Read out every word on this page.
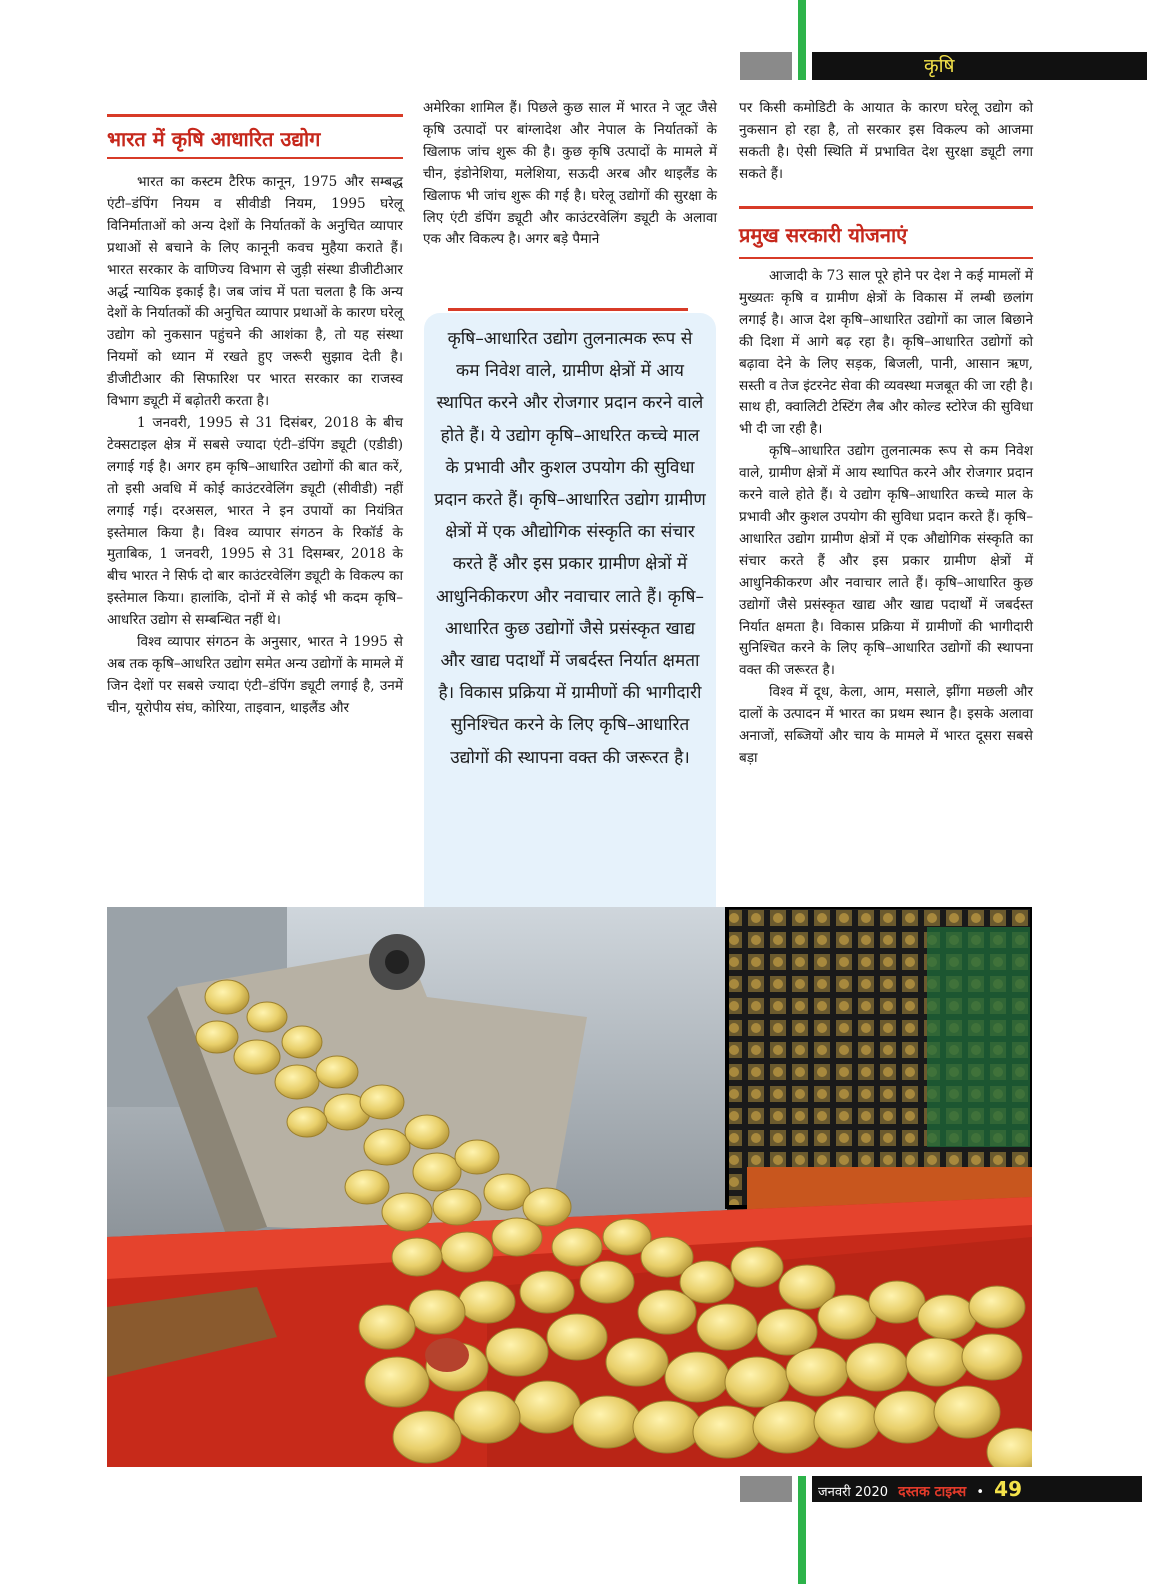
कृषि
भारत में कृषि आधारित उद्योग

भारत का कस्टम टैरिफ कानून, 1975 और सम्बद्ध एंटी–डंपिंग नियम व सीवीडी नियम, 1995 घरेलू विनिर्माताओं को अन्य देशों के निर्यातकों के अनुचित व्यापार प्रथाओं से बचाने के लिए कानूनी कवच मुहैया कराते हैं। भारत सरकार के वाणिज्य विभाग से जुड़ी संस्था डीजीटीआर अर्द्ध न्यायिक इकाई है। जब जांच में पता चलता है कि अन्य देशों के निर्यातकों की अनुचित व्यापार प्रथाओं के कारण घरेलू उद्योग को नुकसान पहुंचने की आशंका है, तो यह संस्था नियमों को ध्यान में रखते हुए जरूरी सुझाव देती है। डीजीटीआर की सिफारिश पर भारत सरकार का राजस्व विभाग ड्यूटी में बढ़ोतरी करता है।

1 जनवरी, 1995 से 31 दिसंबर, 2018 के बीच टेक्सटाइल क्षेत्र में सबसे ज्यादा एंटी–डंपिंग ड्यूटी (एडीडी) लगाई गई है। अगर हम कृषि–आधारित उद्योगों की बात करें, तो इसी अवधि में कोई काउंटरवेलिंग ड्यूटी (सीवीडी) नहीं लगाई गई। दरअसल, भारत ने इन उपायों का नियंत्रित इस्तेमाल किया है। विश्व व्यापार संगठन के रिकॉर्ड के मुताबिक, 1 जनवरी, 1995 से 31 दिसम्बर, 2018 के बीच भारत ने सिर्फ दो बार काउंटरवेलिंग ड्यूटी के विकल्प का इस्तेमाल किया। हालांकि, दोनों में से कोई भी कदम कृषि–आधरित उद्योग से सम्बन्धित नहीं थे।

विश्व व्यापार संगठन के अनुसार, भारत ने 1995 से अब तक कृषि–आधरित उद्योग समेत अन्य उद्योगों के मामले में जिन देशों पर सबसे ज्यादा एंटी–डंपिंग ड्यूटी लगाई है, उनमें चीन, यूरोपीय संघ, कोरिया, ताइवान, थाइलैंड और

अमेरिका शामिल हैं। पिछले कुछ साल में भारत ने जूट जैसे कृषि उत्पादों पर बांग्लादेश और नेपाल के निर्यातकों के खिलाफ जांच शुरू की है। कुछ कृषि उत्पादों के मामले में चीन, इंडोनेशिया, मलेशिया, सऊदी अरब और थाइलैंड के खिलाफ भी जांच शुरू की गई है। घरेलू उद्योगों की सुरक्षा के लिए एंटी डंपिंग ड्यूटी और काउंटरवेलिंग ड्यूटी के अलावा एक और विकल्प है। अगर बड़े पैमाने

कृषि–आधारित उद्योग तुलनात्मक रूप से कम निवेश वाले, ग्रामीण क्षेत्रों में आय स्थापित करने और रोजगार प्रदान करने वाले होते हैं। ये उद्योग कृषि–आधरित कच्चे माल के प्रभावी और कुशल उपयोग की सुविधा प्रदान करते हैं। कृषि–आधारित उद्योग ग्रामीण क्षेत्रों में एक औद्योगिक संस्कृति का संचार करते हैं और इस प्रकार ग्रामीण क्षेत्रों में आधुनिकीकरण और नवाचार लाते हैं। कृषि–आधारित कुछ उद्योगों जैसे प्रसंस्कृत खाद्य और खाद्य पदार्थों में जबर्दस्त निर्यात क्षमता है। विकास प्रक्रिया में ग्रामीणों की भागीदारी सुनिश्चित करने के लिए कृषि–आधारित उद्योगों की स्थापना वक्त की जरूरत है।

पर किसी कमोडिटी के आयात के कारण घरेलू उद्योग को नुकसान हो रहा है, तो सरकार इस विकल्प को आजमा सकती है। ऐसी स्थिति में प्रभावित देश सुरक्षा ड्यूटी लगा सकते हैं।

प्रमुख सरकारी योजनाएं

आजादी के 73 साल पूरे होने पर देश ने कई मामलों में मुख्यतः कृषि व ग्रामीण क्षेत्रों के विकास में लम्बी छलांग लगाई है। आज देश कृषि–आधारित उद्योगों का जाल बिछाने की दिशा में आगे बढ़ रहा है। कृषि–आधारित उद्योगों को बढ़ावा देने के लिए सड़क, बिजली, पानी, आसान ऋण, सस्ती व तेज इंटरनेट सेवा की व्यवस्था मजबूत की जा रही है। साथ ही, क्वालिटी टेस्टिंग लैब और कोल्ड स्टोरेज की सुविधा भी दी जा रही है।

कृषि–आधारित उद्योग तुलनात्मक रूप से कम निवेश वाले, ग्रामीण क्षेत्रों में आय स्थापित करने और रोजगार प्रदान करने वाले होते हैं। ये उद्योग कृषि–आधारित कच्चे माल के प्रभावी और कुशल उपयोग की सुविधा प्रदान करते हैं। कृषि–आधारित उद्योग ग्रामीण क्षेत्रों में एक औद्योगिक संस्कृति का संचार करते हैं और इस प्रकार ग्रामीण क्षेत्रों में आधुनिकीकरण और नवाचार लाते हैं। कृषि–आधारित कुछ उद्योगों जैसे प्रसंस्कृत खाद्य और खाद्य पदार्थों में जबर्दस्त निर्यात क्षमता है। विकास प्रक्रिया में ग्रामीणों की भागीदारी सुनिश्चित करने के लिए कृषि–आधारित उद्योगों की स्थापना वक्त की जरूरत है।

विश्व में दूध, केला, आम, मसाले, झींगा मछली और दालों के उत्पादन में भारत का प्रथम स्थान है। इसके अलावा अनाजों, सब्जियों और चाय के मामले में भारत दूसरा सबसे बड़ा

जनवरी 2020 दस्तक टाइम्स • 49
